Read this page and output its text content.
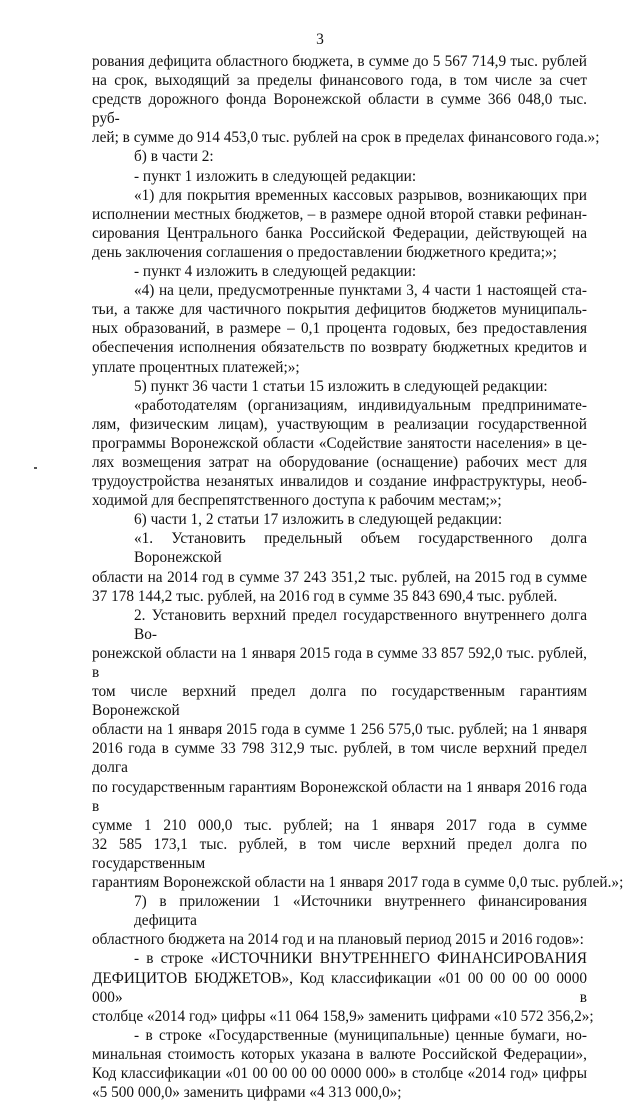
3
рования дефицита областного бюджета, в сумме до 5 567 714,9 тыс. рублей
на срок, выходящий за пределы финансового года, в том числе за счет
средств дорожного фонда Воронежской области в сумме 366 048,0 тыс. руб-
лей; в сумме до 914 453,0 тыс. рублей на срок в пределах финансового года.»;
б) в части 2:
- пункт 1 изложить в следующей редакции:
«1) для покрытия временных кассовых разрывов, возникающих при
исполнении местных бюджетов, – в размере одной второй ставки рефинан-
сирования Центрального банка Российской Федерации, действующей на
день заключения соглашения о предоставлении бюджетного кредита;»;
- пункт 4 изложить в следующей редакции:
«4) на цели, предусмотренные пунктами 3, 4 части 1 настоящей ста-
тьи, а также для частичного покрытия дефицитов бюджетов муниципаль-
ных образований, в размере – 0,1 процента годовых, без предоставления
обеспечения исполнения обязательств по возврату бюджетных кредитов и
уплате процентных платежей;»;
5) пункт 36 части 1 статьи 15 изложить в следующей редакции:
«работодателям (организациям, индивидуальным предпринимате-
лям, физическим лицам), участвующим в реализации государственной
программы Воронежской области «Содействие занятости населения» в це-
лях возмещения затрат на оборудование (оснащение) рабочих мест для
трудоустройства незанятых инвалидов и создание инфраструктуры, необ-
ходимой для беспрепятственного доступа к рабочим местам;»;
6) части 1, 2 статьи 17 изложить в следующей редакции:
«1. Установить предельный объем государственного долга Воронежской
области на 2014 год в сумме 37 243 351,2 тыс. рублей, на 2015 год в сумме
37 178 144,2 тыс. рублей, на 2016 год в сумме 35 843 690,4 тыс. рублей.
2. Установить верхний предел государственного внутреннего долга Во-
ронежской области на 1 января 2015 года в сумме 33 857 592,0 тыс. рублей, в
том числе верхний предел долга по государственным гарантиям Воронежской
области на 1 января 2015 года в сумме 1 256 575,0 тыс. рублей; на 1 января
2016 года в сумме 33 798 312,9 тыс. рублей, в том числе верхний предел долга
по государственным гарантиям Воронежской области на 1 января 2016 года в
сумме 1 210 000,0 тыс. рублей; на 1 января 2017 года в сумме
32 585 173,1 тыс. рублей, в том числе верхний предел долга по государственным
гарантиям Воронежской области на 1 января 2017 года в сумме 0,0 тыс. рублей.»;
7) в приложении 1 «Источники внутреннего финансирования дефицита
областного бюджета на 2014 год и на плановый период 2015 и 2016 годов»:
- в строке «ИСТОЧНИКИ ВНУТРЕННЕГО ФИНАНСИРОВАНИЯ
ДЕФИЦИТОВ БЮДЖЕТОВ», Код классификации «01 00 00 00 00 0000 000» в
столбце «2014 год» цифры «11 064 158,9» заменить цифрами «10 572 356,2»;
- в строке «Государственные (муниципальные) ценные бумаги, но-
минальная стоимость которых указана в валюте Российской Федерации»,
Код классификации «01 00 00 00 00 0000 000» в столбце «2014 год» цифры
«5 500 000,0» заменить цифрами «4 313 000,0»;
